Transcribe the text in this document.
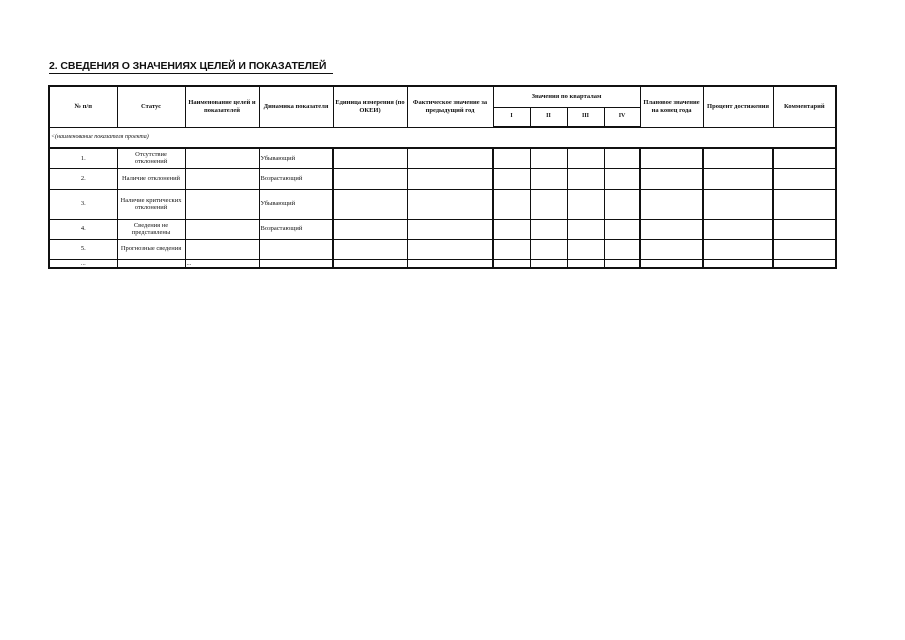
2. СВЕДЕНИЯ О ЗНАЧЕНИЯХ ЦЕЛЕЙ И ПОКАЗАТЕЛЕЙ
№ п/п	Статус	Наименование целей и показателей	Динамика показателя	Единица измерения (по ОКЕИ)	Фактическое значение за предыдущий год	Значения по кварталам				Плановое значение на конец года	Процент достижения	Комментарий
						I	II	III	IV			
<(наименование показателя проекта)												
1.	Отсутствие отклонений		Убывающий									
2.	Наличие отклонений		Возрастающий									
3.	Наличие критических отклонений		Убывающий									
4.	Сведения не представлены		Возрастающий									
5.	Прогнозные сведения											
...		...										
